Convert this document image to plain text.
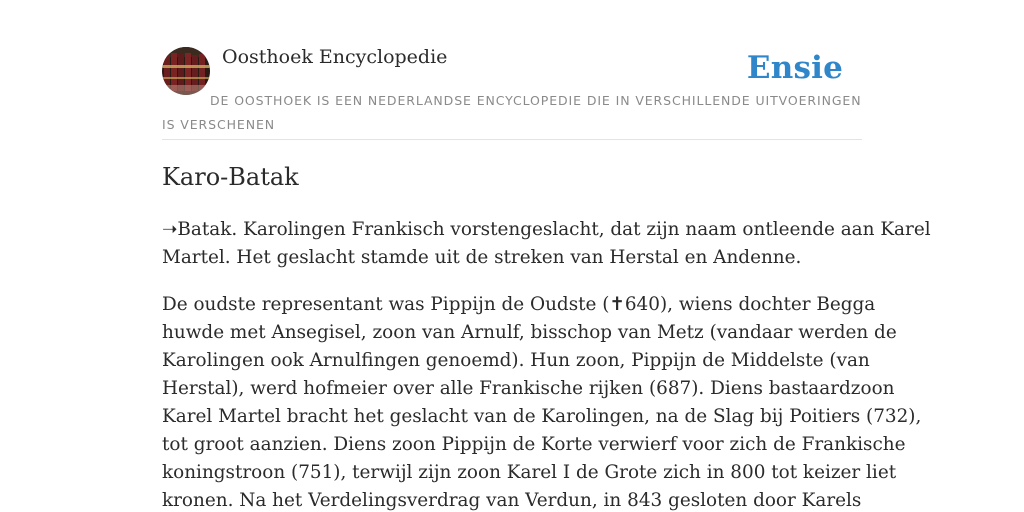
Oosthoek Encyclopedie	Ensie
DE OOSTHOEK IS EEN NEDERLANDSE ENCYCLOPEDIE DIE IN VERSCHILLENDE UITVOERINGEN IS VERSCHENEN
Karo-Batak

➝Batak. Karolingen Frankisch vorstengeslacht, dat zijn naam ontleende aan Karel
Martel. Het geslacht stamde uit de streken van Herstal en Andenne.

De oudste representant was Pippijn de Oudste (✝640), wiens dochter Begga
huwde met Ansegisel, zoon van Arnulf, bisschop van Metz (vandaar werden de
Karolingen ook Arnulfingen genoemd). Hun zoon, Pippijn de Middelste (van
Herstal), werd hofmeier over alle Frankische rijken (687). Diens bastaardzoon
Karel Martel bracht het geslacht van de Karolingen, na de Slag bij Poitiers (732),
tot groot aanzien. Diens zoon Pippijn de Korte verwierf voor zich de Frankische
koningstroon (751), terwijl zijn zoon Karel I de Grote zich in 800 tot keizer liet
kronen. Na het Verdelingsverdrag van Verdun, in 843 gesloten door Karels
